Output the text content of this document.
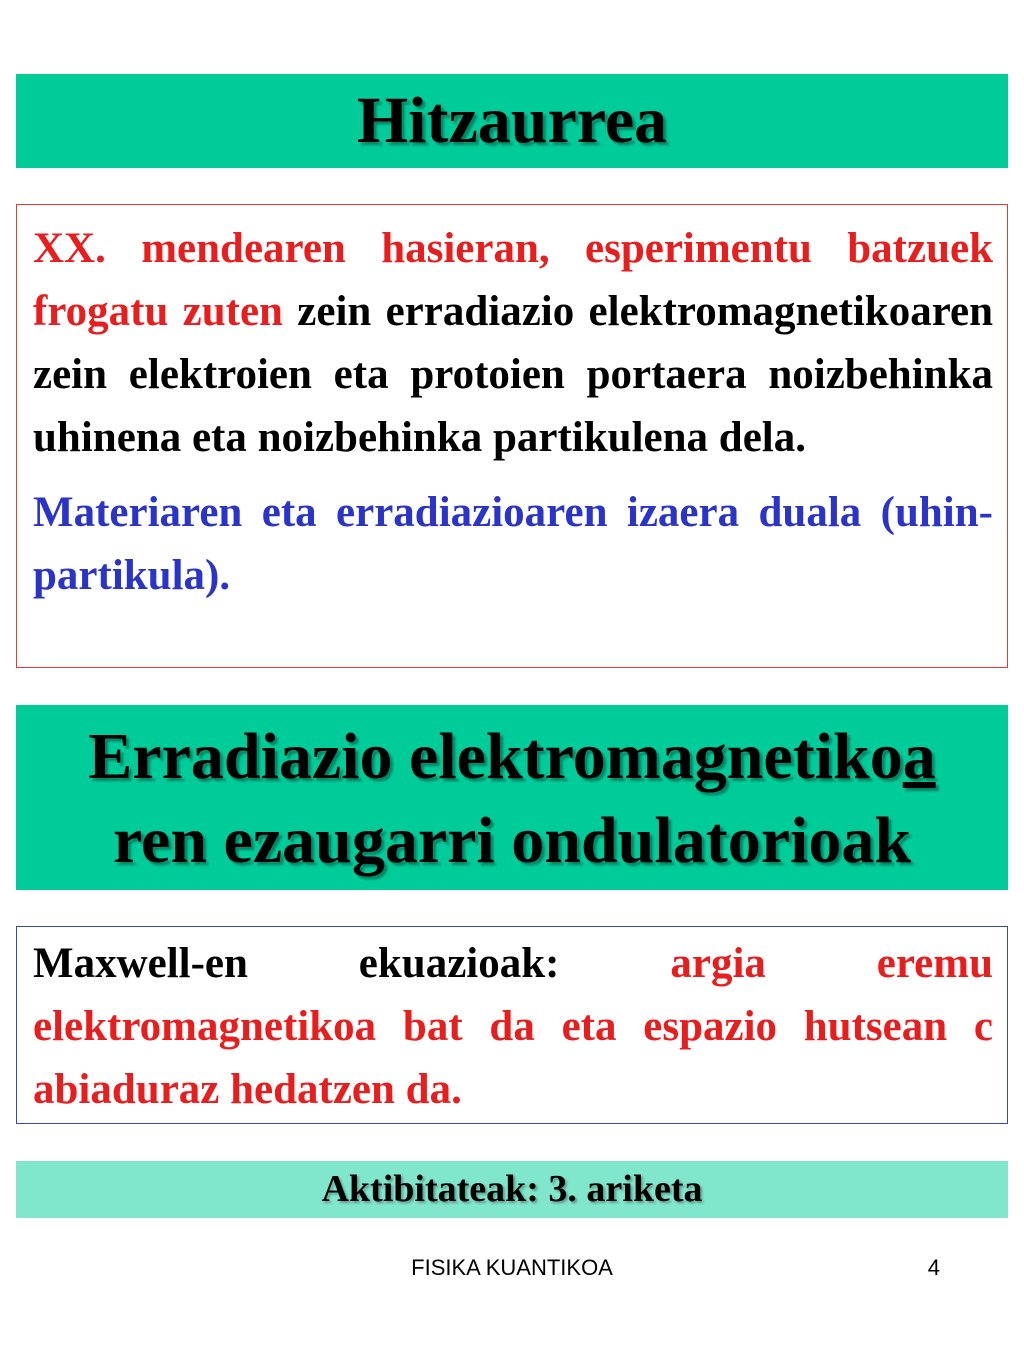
Hitzaurrea

XX. mendearen hasieran, esperimentu batzuek frogatu zuten zein erradiazio elektromagnetikoaren zein elektroien eta protoien portaera noizbehinka uhinena eta noizbehinka partikulena dela.

Materiaren eta erradiazioaren izaera duala (uhin-partikula).

Erradiazio elektromagnetikoa
ren ezaugarri ondulatorioak

Maxwell-en ekuazioak: argia eremu elektromagnetikoa bat da eta espazio hutsean c abiaduraz hedatzen da.

Aktibitateak: 3. ariketa
FISIKA KUANTIKOA	4
